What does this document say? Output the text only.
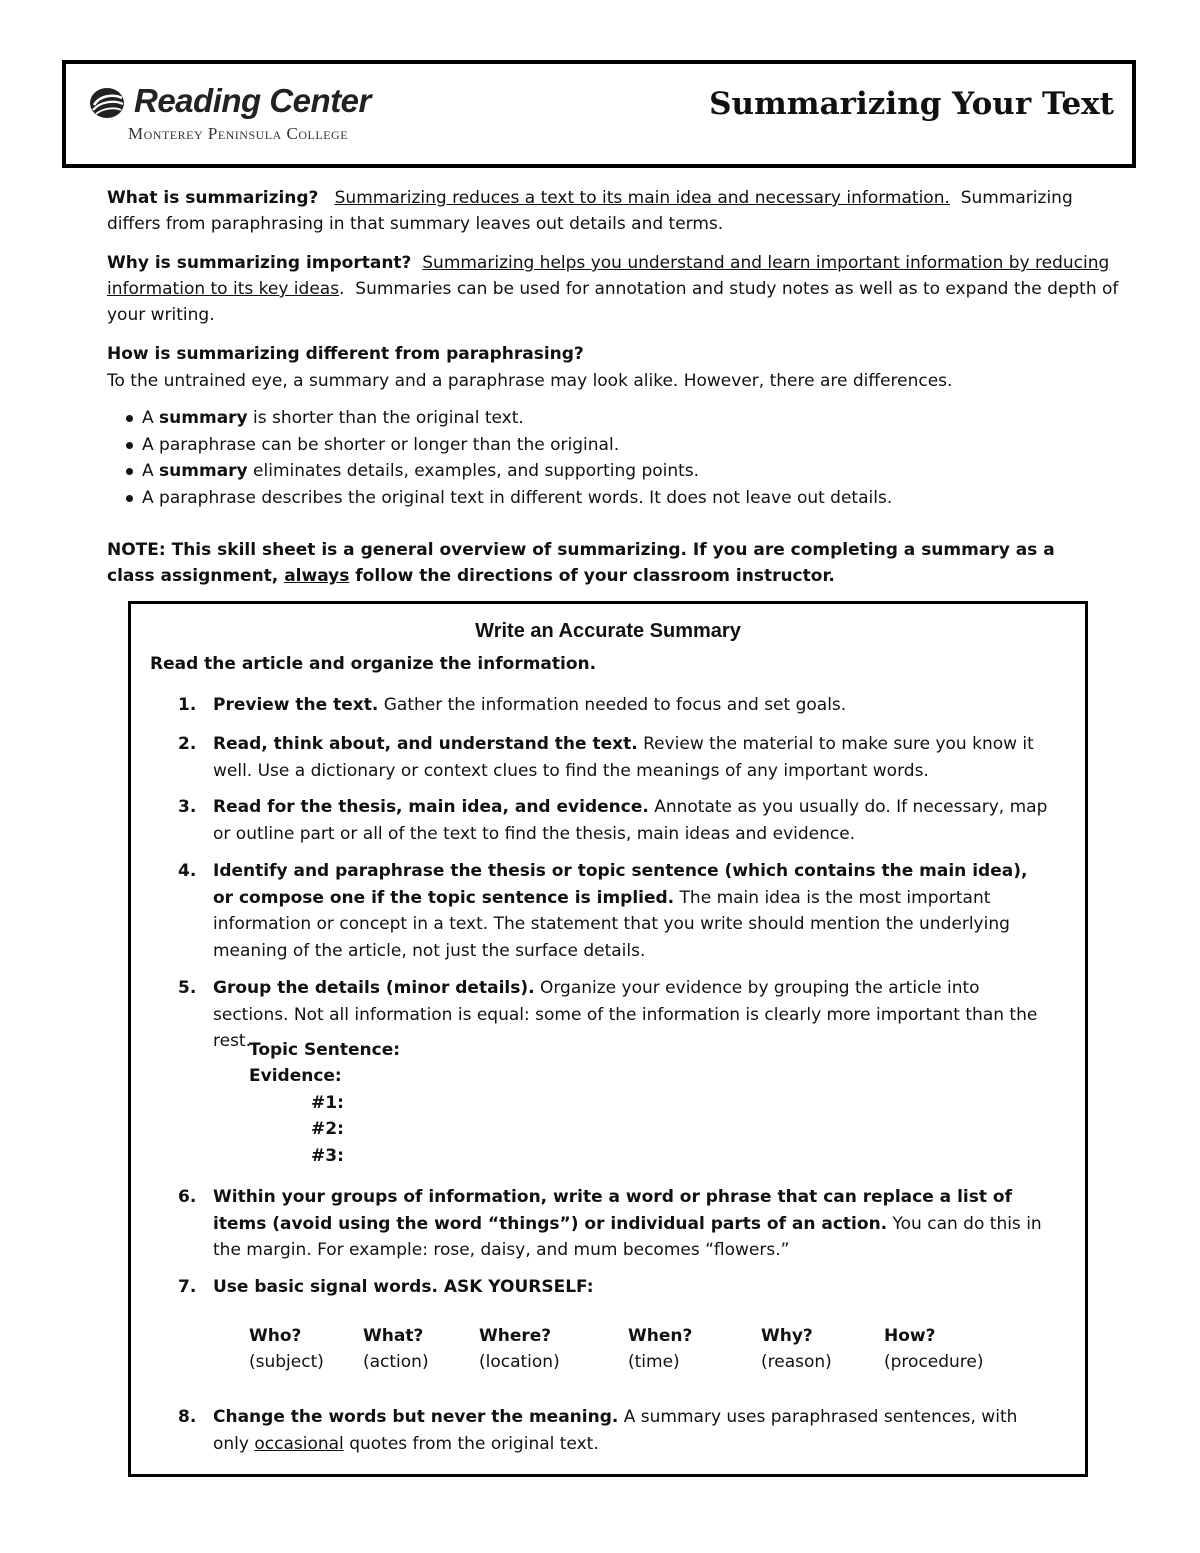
Reading Center
Monterey Peninsula College
Summarizing Your Text

What is summarizing? Summarizing reduces a text to its main idea and necessary information. Summarizing differs from paraphrasing in that summary leaves out details and terms.

Why is summarizing important? Summarizing helps you understand and learn important information by reducing information to its key ideas.  Summaries can be used for annotation and study notes as well as to expand the depth of your writing.

How is summarizing different from paraphrasing?

To the untrained eye, a summary and a paraphrase may look alike. However, there are differences.

A summary is shorter than the original text.
A paraphrase can be shorter or longer than the original.
A summary eliminates details, examples, and supporting points.
A paraphrase describes the original text in different words. It does not leave out details.

NOTE: This skill sheet is a general overview of summarizing. If you are completing a summary as a class assignment, always follow the directions of your classroom instructor.

Write an Accurate Summary
Read the article and organize the information.
1. Preview the text. Gather the information needed to focus and set goals.
2. Read, think about, and understand the text. Review the material to make sure you know it well. Use a dictionary or context clues to find the meanings of any important words.
3. Read for the thesis, main idea, and evidence. Annotate as you usually do. If necessary, map or outline part or all of the text to find the thesis, main ideas and evidence.
4. Identify and paraphrase the thesis or topic sentence (which contains the main idea), or compose one if the topic sentence is implied. The main idea is the most important information or concept in a text. The statement that you write should mention the underlying meaning of the article, not just the surface details.
5. Group the details (minor details). Organize your evidence by grouping the article into sections. Not all information is equal: some of the information is clearly more important than the rest.
Topic Sentence:
Evidence:
#1:
#2:
#3:
6. Within your groups of information, write a word or phrase that can replace a list of items (avoid using the word “things”) or individual parts of an action. You can do this in the margin. For example: rose, daisy, and mum becomes “flowers.”
7. Use basic signal words. ASK YOURSELF:
Who?
(subject)
What?
(action)
Where?
(location)
When?
(time)
Why?
(reason)
How?
(procedure)
8. Change the words but never the meaning. A summary uses paraphrased sentences, with only occasional quotes from the original text.
